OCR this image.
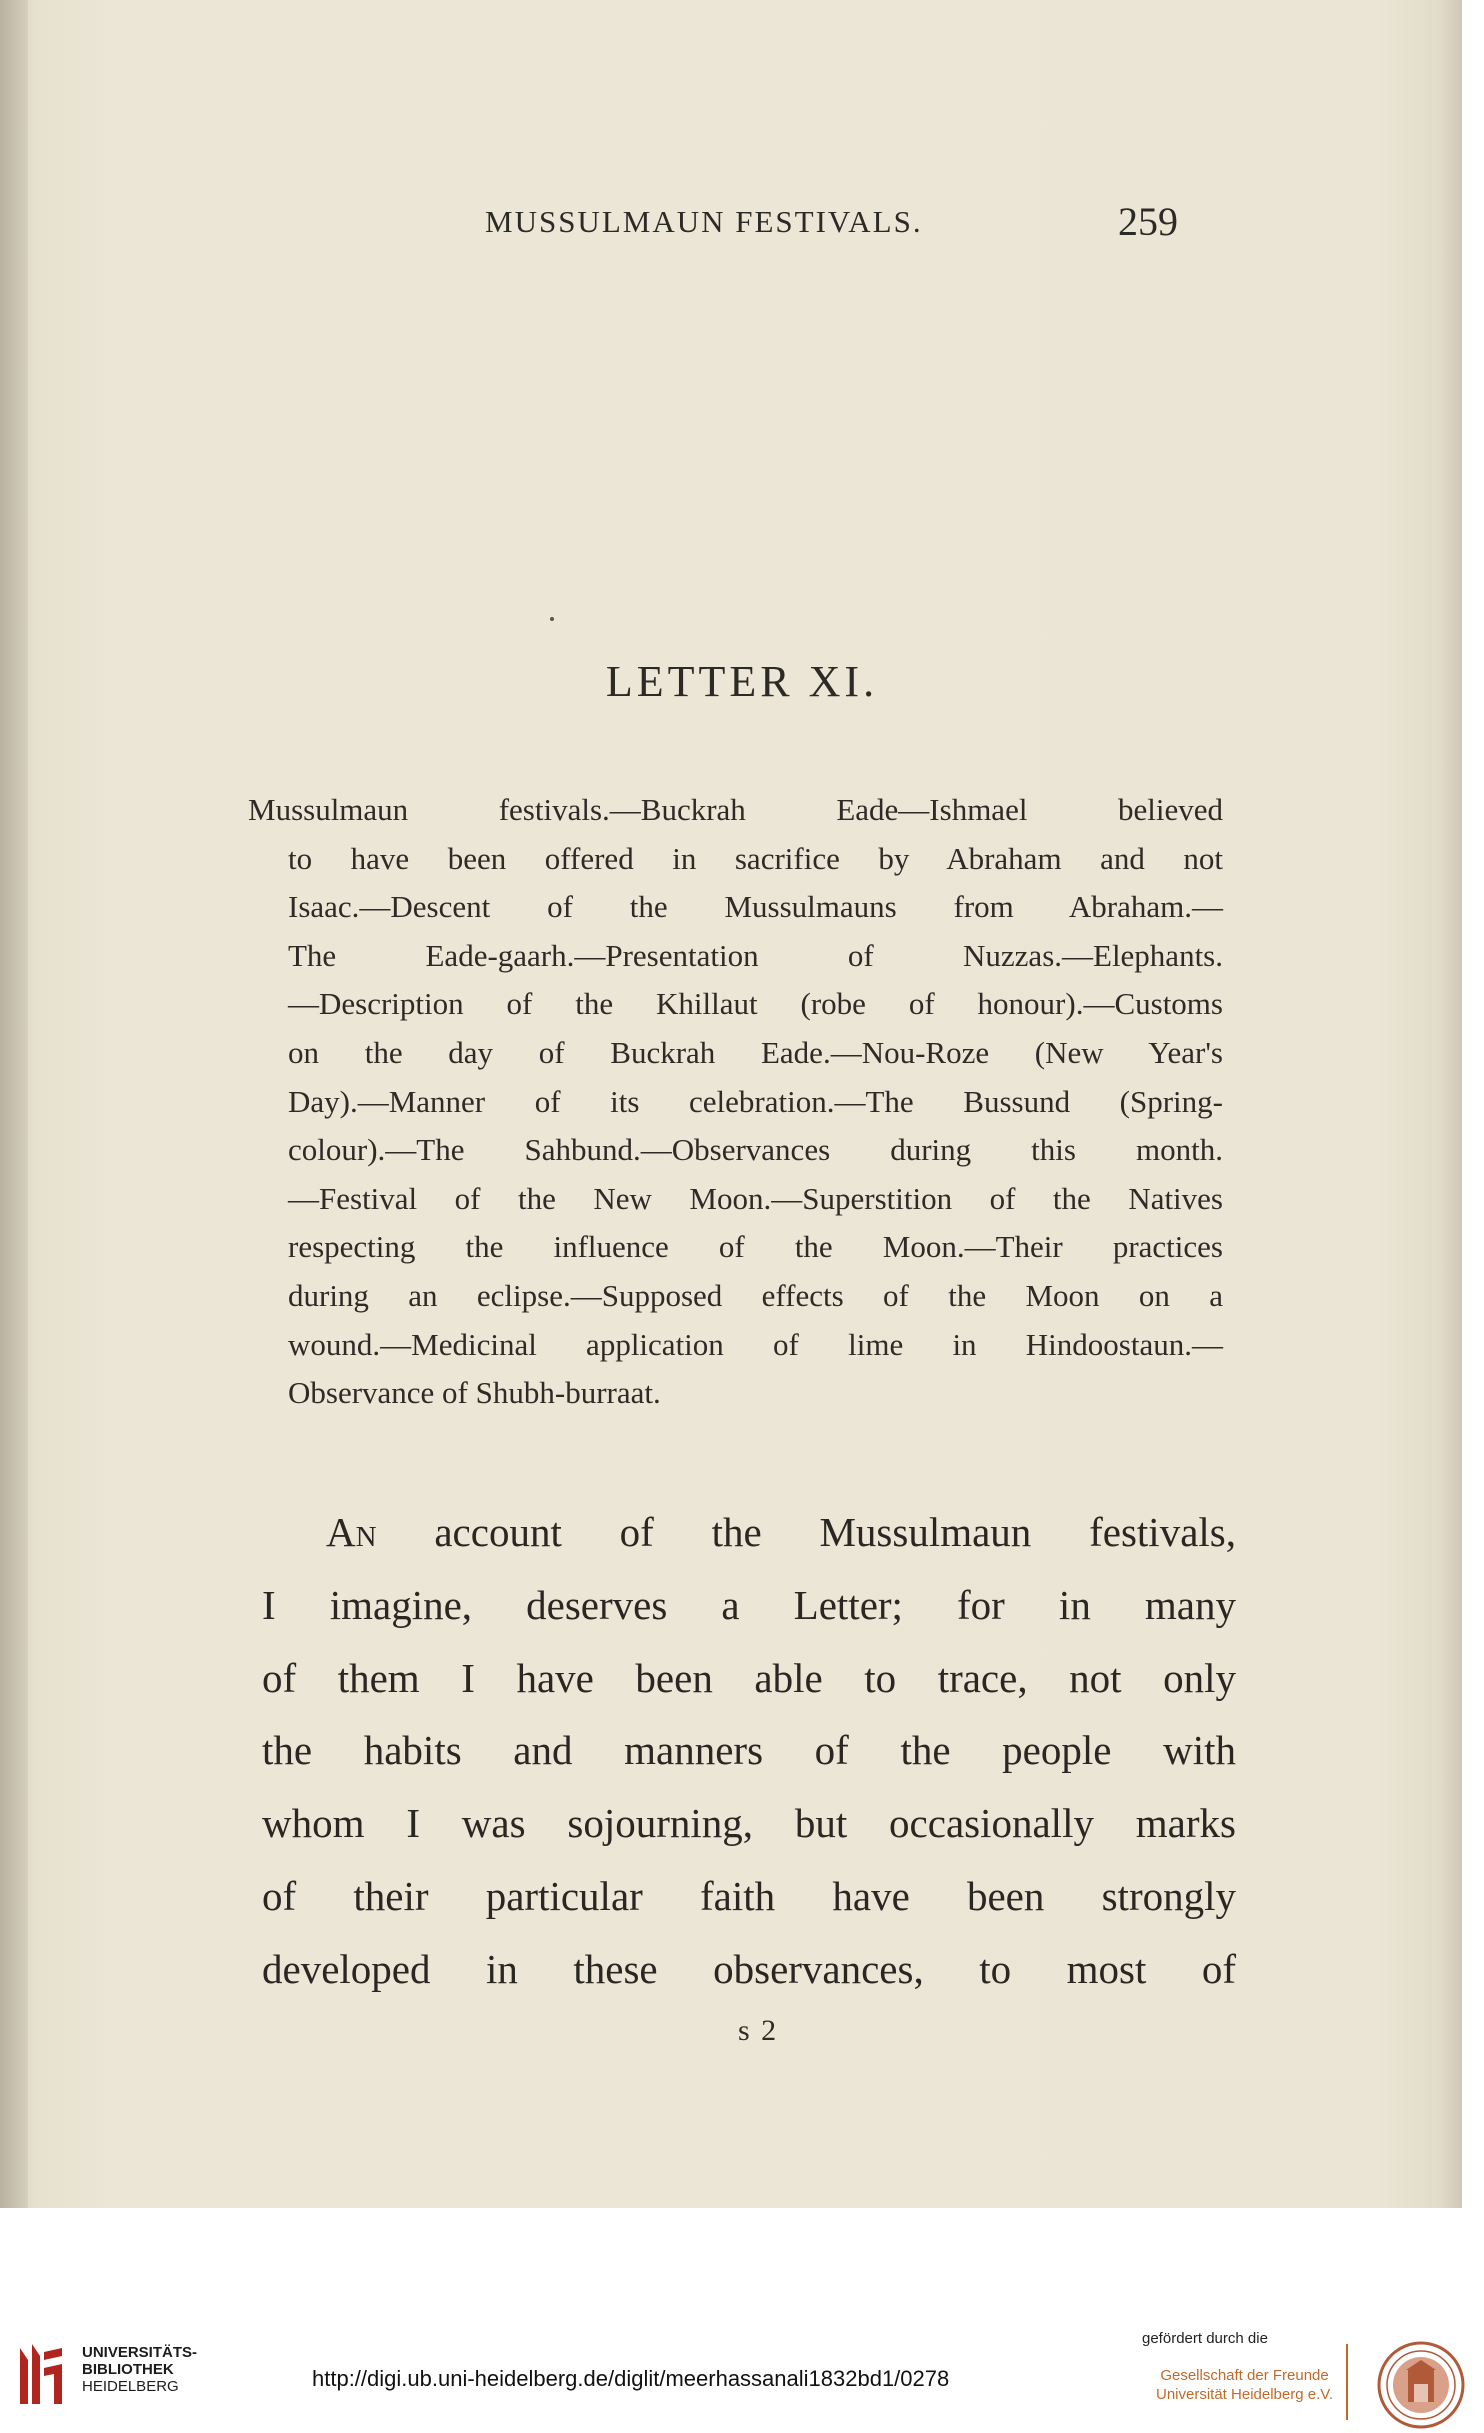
MUSSULMAUN FESTIVALS.	259
LETTER XI.
Mussulmaun festivals.—Buckrah Eade—Ishmael believed
to have been offered in sacrifice by Abraham and not
Isaac.—Descent of the Mussulmauns from Abraham.—
The Eade-gaarh.—Presentation of Nuzzas.—Elephants.
—Description of the Khillaut (robe of honour).—Customs
on the day of Buckrah Eade.—Nou-Roze (New Year's
Day).—Manner of its celebration.—The Bussund (Spring-
colour).—The Sahbund.—Observances during this month.
—Festival of the New Moon.—Superstition of the Natives
respecting the influence of the Moon.—Their practices
during an eclipse.—Supposed effects of the Moon on a
wound.—Medicinal application of lime in Hindoostaun.—
Observance of Shubh-burraat.
An account of the Mussulmaun festivals,
I imagine, deserves a Letter; for in many
of them I have been able to trace, not only
the habits and manners of the people with
whom I was sojourning, but occasionally marks
of their particular faith have been strongly
developed in these observances, to most of
s 2
UNIVERSITÄTS-
BIBLIOTHEK
HEIDELBERG	http://digi.ub.uni-heidelberg.de/diglit/meerhassanali1832bd1/0278
gefördert durch die
Gesellschaft der Freunde
Universität Heidelberg e.V.
